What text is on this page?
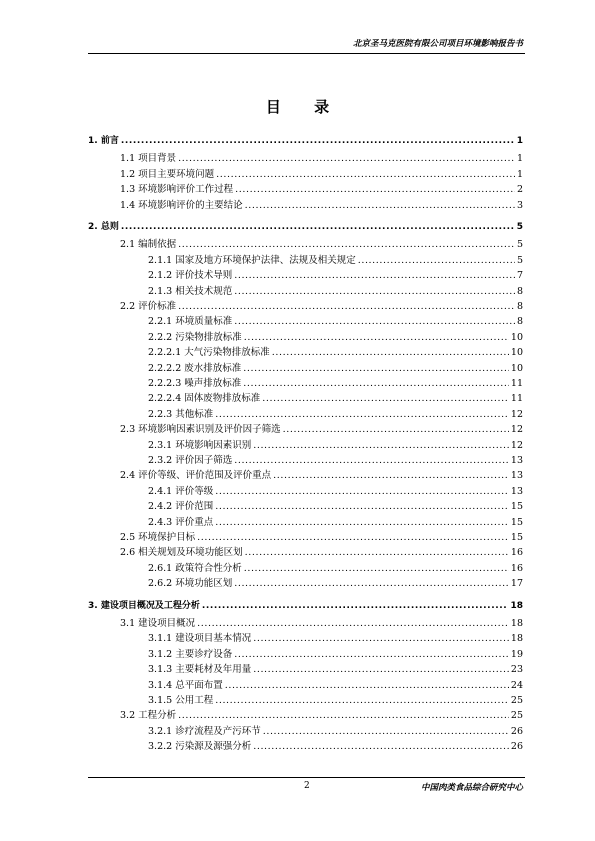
北京圣马克医院有限公司项目环境影响报告书
目 录
1. 前言 .....	1
1.1 项目背景 .....	1
1.2 项目主要环境问题 .....	1
1.3 环境影响评价工作过程 .....	2
1.4 环境影响评价的主要结论 .....	3
2. 总则 .....	5
2.1 编制依据 .....	5
2.1.1 国家及地方环境保护法律、法规及相关规定 .....	5
2.1.2 评价技术导则 .....	7
2.1.3 相关技术规范 .....	8
2.2 评价标准 .....	8
2.2.1 环境质量标准 .....	8
2.2.2 污染物排放标准 .....	10
2.2.2.1 大气污染物排放标准 .....	10
2.2.2.2 废水排放标准 .....	10
2.2.2.3 噪声排放标准 .....	11
2.2.2.4 固体废物排放标准 .....	11
2.2.3 其他标准 .....	12
2.3 环境影响因素识别及评价因子筛选 .....	12
2.3.1 环境影响因素识别 .....	12
2.3.2 评价因子筛选 .....	13
2.4 评价等级、评价范围及评价重点 .....	13
2.4.1 评价等级 .....	13
2.4.2 评价范围 .....	15
2.4.3 评价重点 .....	15
2.5 环境保护目标 .....	15
2.6 相关规划及环境功能区划 .....	16
2.6.1 政策符合性分析 .....	16
2.6.2 环境功能区划 .....	17
3. 建设项目概况及工程分析 .....	18
3.1 建设项目概况 .....	18
3.1.1 建设项目基本情况 .....	18
3.1.2 主要诊疗设备 .....	19
3.1.3 主要耗材及年用量 .....	23
3.1.4 总平面布置 .....	24
3.1.5 公用工程 .....	25
3.2 工程分析 .....	25
3.2.1 诊疗流程及产污环节 .....	26
3.2.2 污染源及源强分析 .....	26
2	中国肉类食品综合研究中心
